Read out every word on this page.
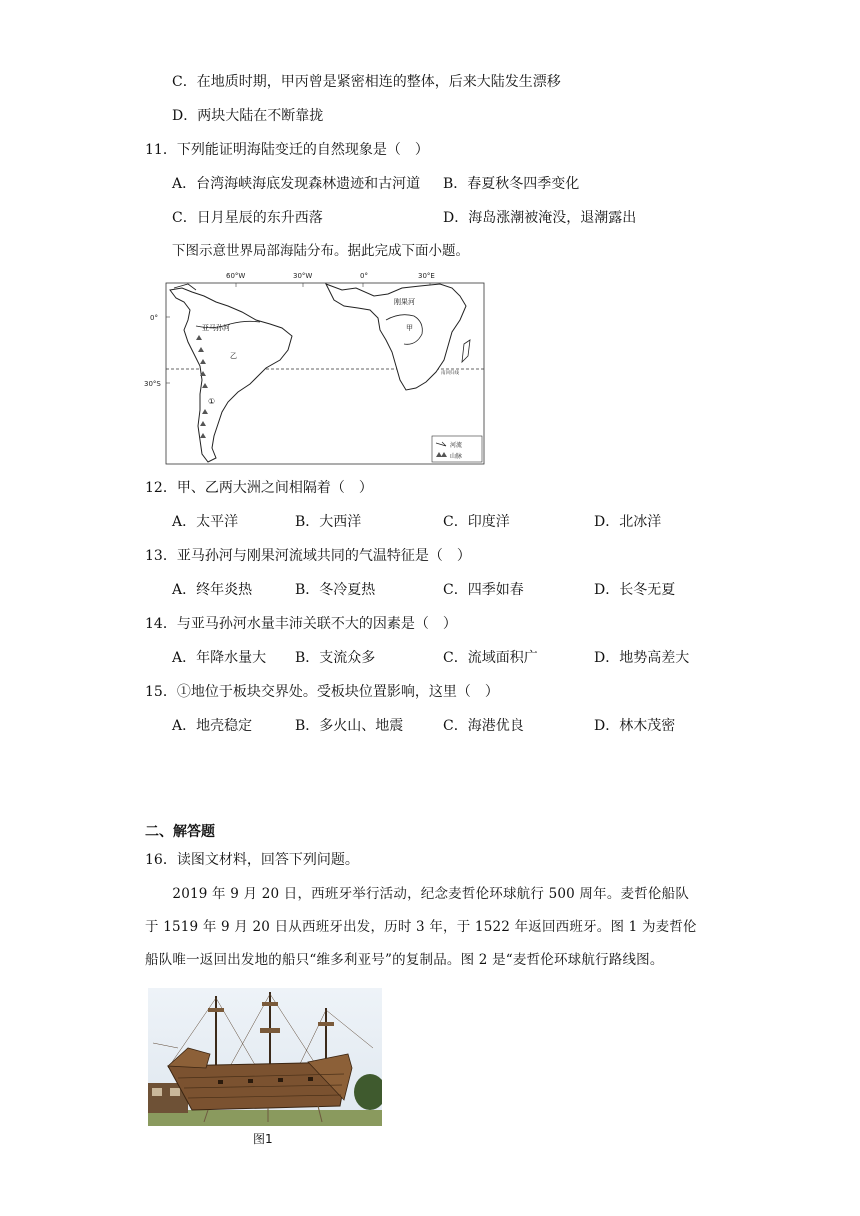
C．在地质时期，甲丙曾是紧密相连的整体，后来大陆发生漂移
D．两块大陆在不断靠拢
11．下列能证明海陆变迁的自然现象是（　）
A．台湾海峡海底发现森林遗迹和古河道 B．春夏秋冬四季变化
C．日月星辰的东升西落	D．海岛涨潮被淹没，退潮露出
下图示意世界局部海陆分布。据此完成下面小题。
60°W	30°W	0°	30°E
0°
30°S
南回归线
亚马孙河
刚果河
甲
乙
①
河流
山脉
12．甲、乙两大洲之间相隔着（　）
A．太平洋	B．大西洋	C．印度洋	D．北冰洋
13．亚马孙河与刚果河流域共同的气温特征是（　）
A．终年炎热	B．冬冷夏热	C．四季如春	D．长冬无夏
14．与亚马孙河水量丰沛关联不大的因素是（　）
A．年降水量大 B．支流众多	C．流域面积广	D．地势高差大
15．①地位于板块交界处。受板块位置影响，这里（　）
A．地壳稳定	B．多火山、地震	C．海港优良	D．林木茂密
二、解答题
16．读图文材料，回答下列问题。
　　2019 年 9 月 20 日，西班牙举行活动，纪念麦哲伦环球航行 500 周年。麦哲伦船队
于 1519 年 9 月 20 日从西班牙出发，历时 3 年，于 1522 年返回西班牙。图 1 为麦哲伦
船队唯一返回出发地的船只“维多利亚号”的复制品。图 2 是“麦哲伦环球航行路线图。
图1
